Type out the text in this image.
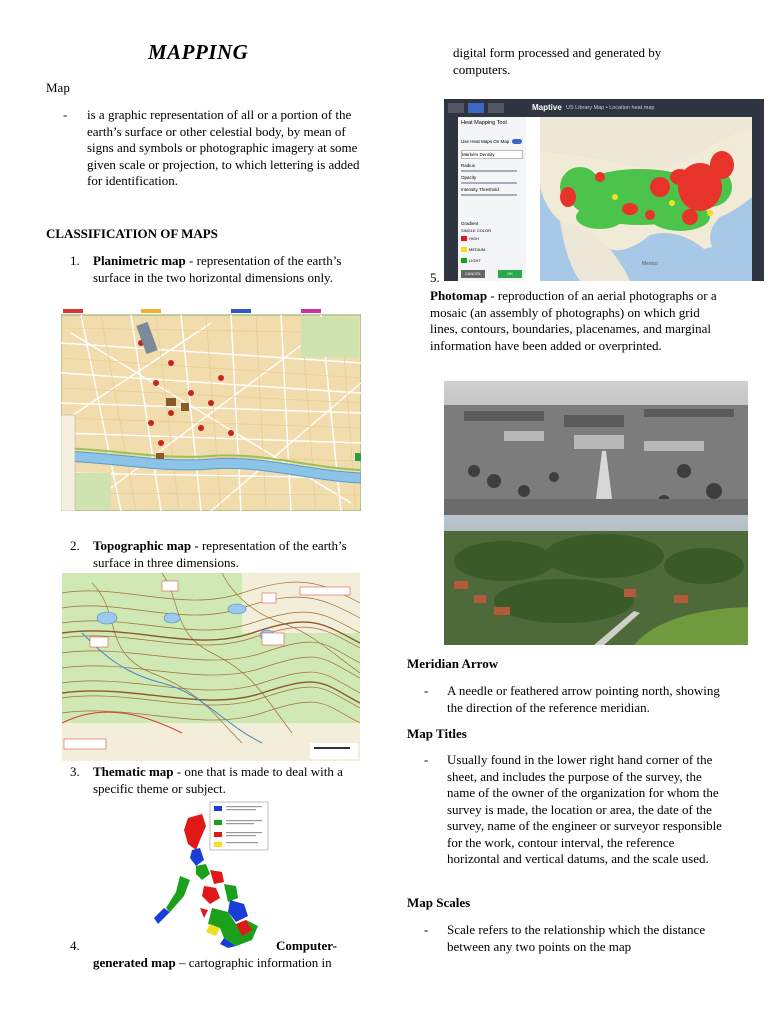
MAPPING
Map
- is a graphic representation of all or a portion of the earth’s surface or other celestial body, by mean of signs and symbols or photographic imagery at some given scale or projection, to which lettering is added for identification.
CLASSIFICATION OF MAPS
1. Planimetric map - representation of the earth’s surface in the two horizontal dimensions only.
2. Topographic map - representation of the earth’s surface in three dimensions.
3. Thematic map - one that is made to deal with a specific theme or subject.
4.	Computer-
generated map – cartographic information in
digital form processed and generated by computers.
Maptive US Library Map • Location heat map
Heat Mapping Tool
Use Heat Maps On Map
Markers Density
Radius
Opacity
Intensity Threshold
Gradient
SINGLE COLOR
HIGH
MEDIUM
LIGHT
CANCEL	OK
Mexico
5.
Photomap - reproduction of an aerial photographs or a mosaic (an assembly of photographs) on which grid lines, contours, boundaries, placenames, and marginal information have been added or overprinted.
Meridian Arrow
- A needle or feathered arrow pointing north, showing the direction of the reference meridian.
Map Titles
- Usually found in the lower right hand corner of the sheet, and includes the purpose of the survey, the name of the owner of the organization for whom the survey is made, the location or area, the date of the survey, name of the engineer or surveyor responsible for the work, contour interval, the reference horizontal and vertical datums, and the scale used.
Map Scales
- Scale refers to the relationship which the distance between any two points on the map
